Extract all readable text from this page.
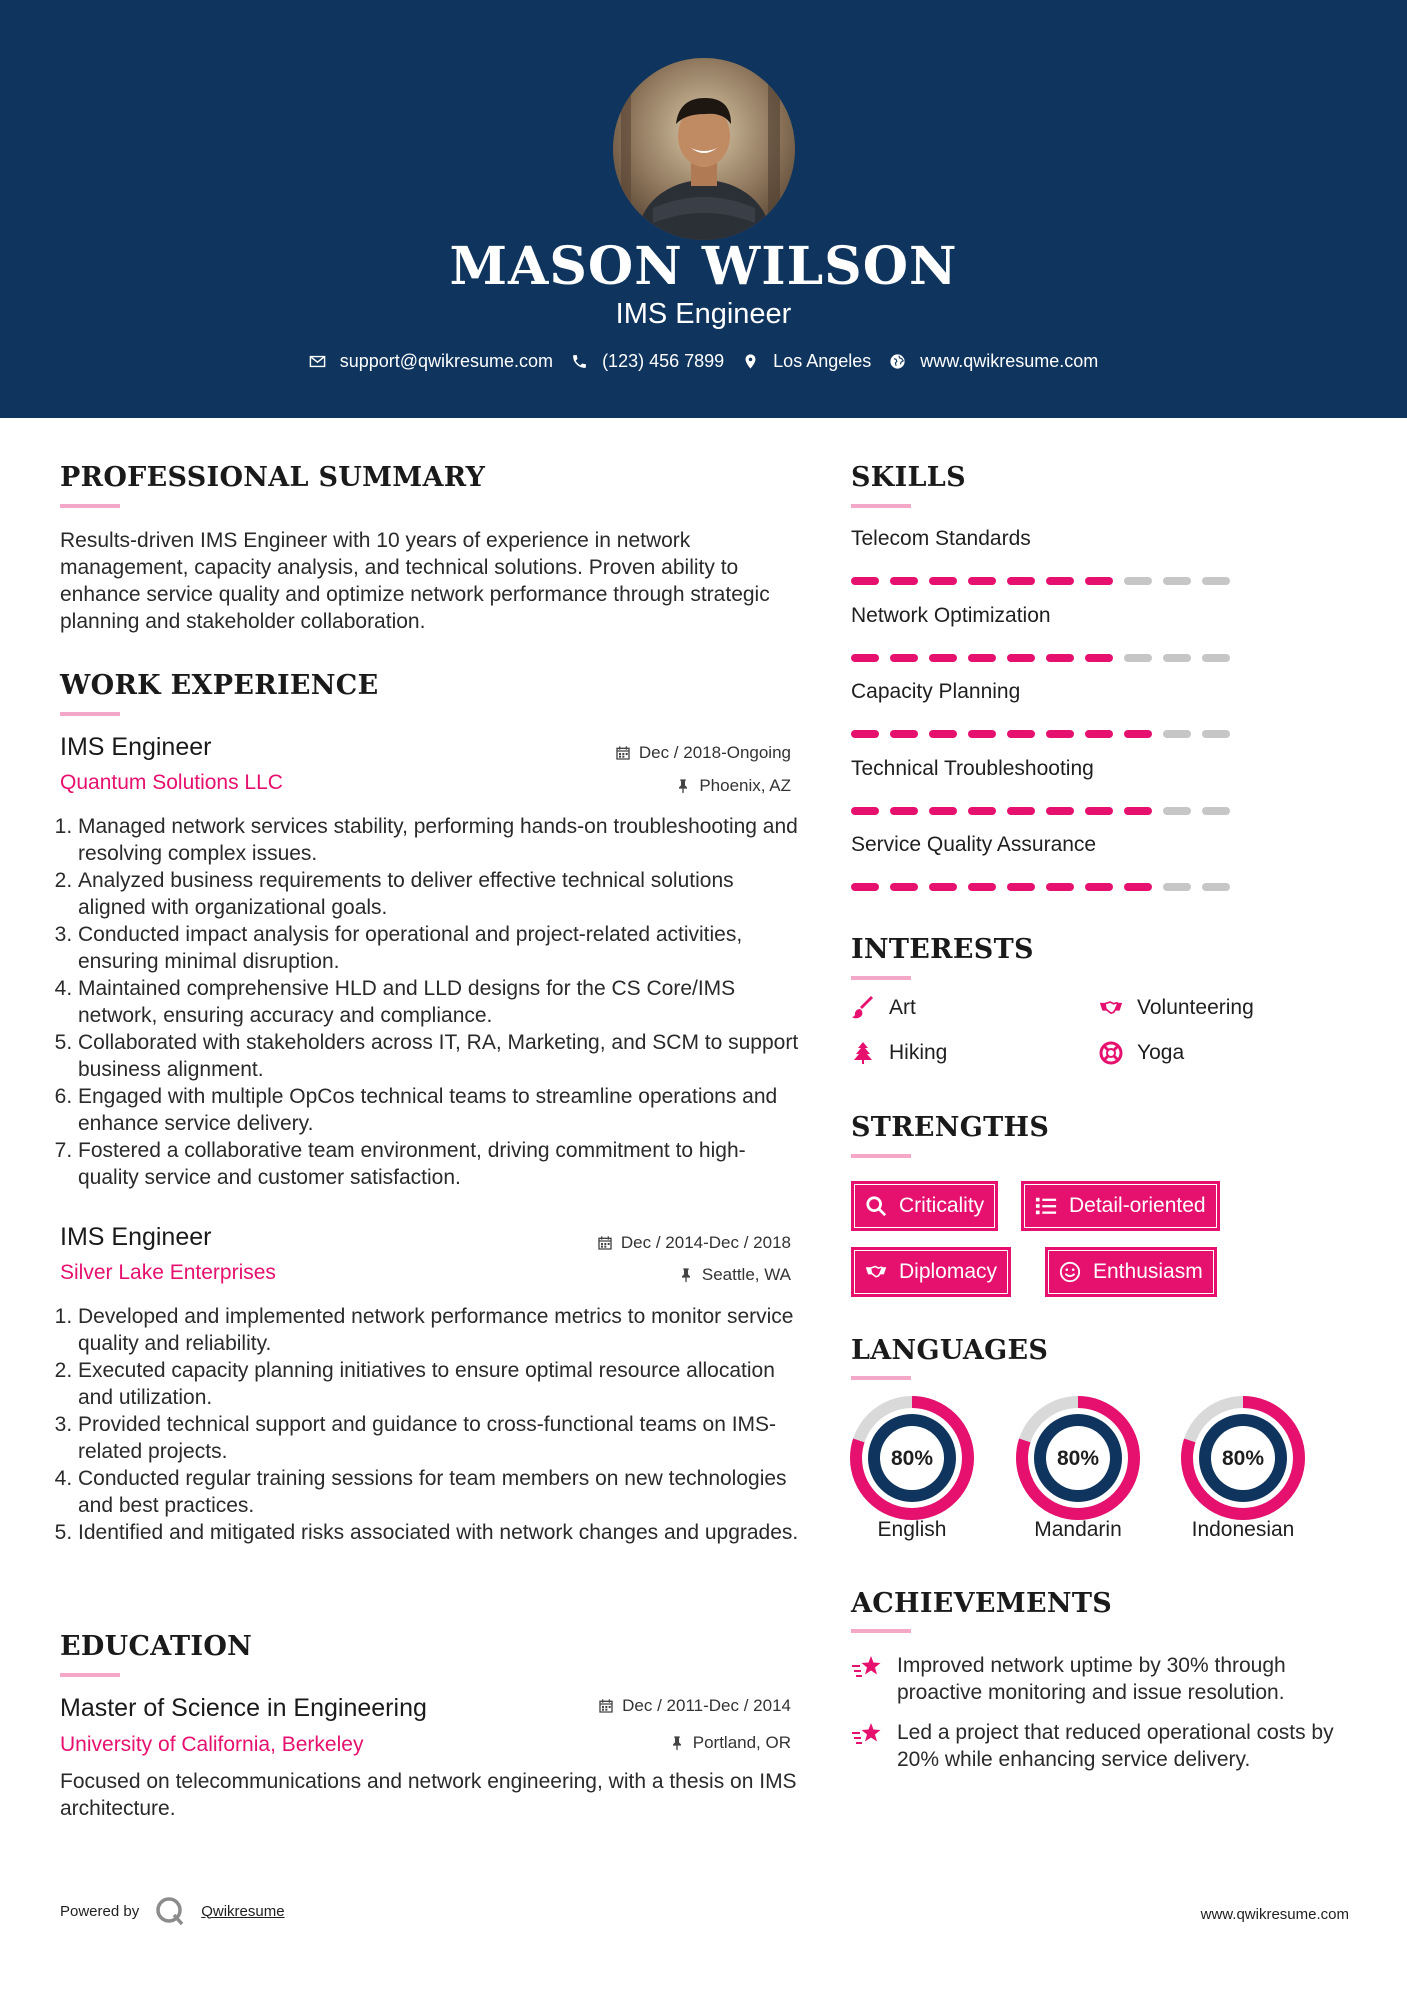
MASON WILSON
IMS Engineer
support@qwikresume.com	(123) 456 7899	Los Angeles	www.qwikresume.com
PROFESSIONAL SUMMARY
Results-driven IMS Engineer with 10 years of experience in network management, capacity analysis, and technical solutions. Proven ability to enhance service quality and optimize network performance through strategic planning and stakeholder collaboration.
WORK EXPERIENCE
IMS Engineer	Dec / 2018-Ongoing
Quantum Solutions LLC	Phoenix, AZ
1. Managed network services stability, performing hands-on troubleshooting and resolving complex issues.
2. Analyzed business requirements to deliver effective technical solutions aligned with organizational goals.
3. Conducted impact analysis for operational and project-related activities, ensuring minimal disruption.
4. Maintained comprehensive HLD and LLD designs for the CS Core/IMS network, ensuring accuracy and compliance.
5. Collaborated with stakeholders across IT, RA, Marketing, and SCM to support business alignment.
6. Engaged with multiple OpCos technical teams to streamline operations and enhance service delivery.
7. Fostered a collaborative team environment, driving commitment to high-quality service and customer satisfaction.
IMS Engineer	Dec / 2014-Dec / 2018
Silver Lake Enterprises	Seattle, WA
1. Developed and implemented network performance metrics to monitor service quality and reliability.
2. Executed capacity planning initiatives to ensure optimal resource allocation and utilization.
3. Provided technical support and guidance to cross-functional teams on IMS-related projects.
4. Conducted regular training sessions for team members on new technologies and best practices.
5. Identified and mitigated risks associated with network changes and upgrades.
EDUCATION
Master of Science in Engineering	Dec / 2011-Dec / 2014
University of California, Berkeley	Portland, OR
Focused on telecommunications and network engineering, with a thesis on IMS architecture.
SKILLS
Telecom Standards
Network Optimization
Capacity Planning
Technical Troubleshooting
Service Quality Assurance
INTERESTS
Art	Volunteering
Hiking	Yoga
STRENGTHS
Criticality	Detail-oriented
Diplomacy	Enthusiasm
LANGUAGES
80%
English
80%
Mandarin
80%
Indonesian
ACHIEVEMENTS
Improved network uptime by 30% through proactive monitoring and issue resolution.
Led a project that reduced operational costs by 20% while enhancing service delivery.
Powered by	Qwikresume	www.qwikresume.com
